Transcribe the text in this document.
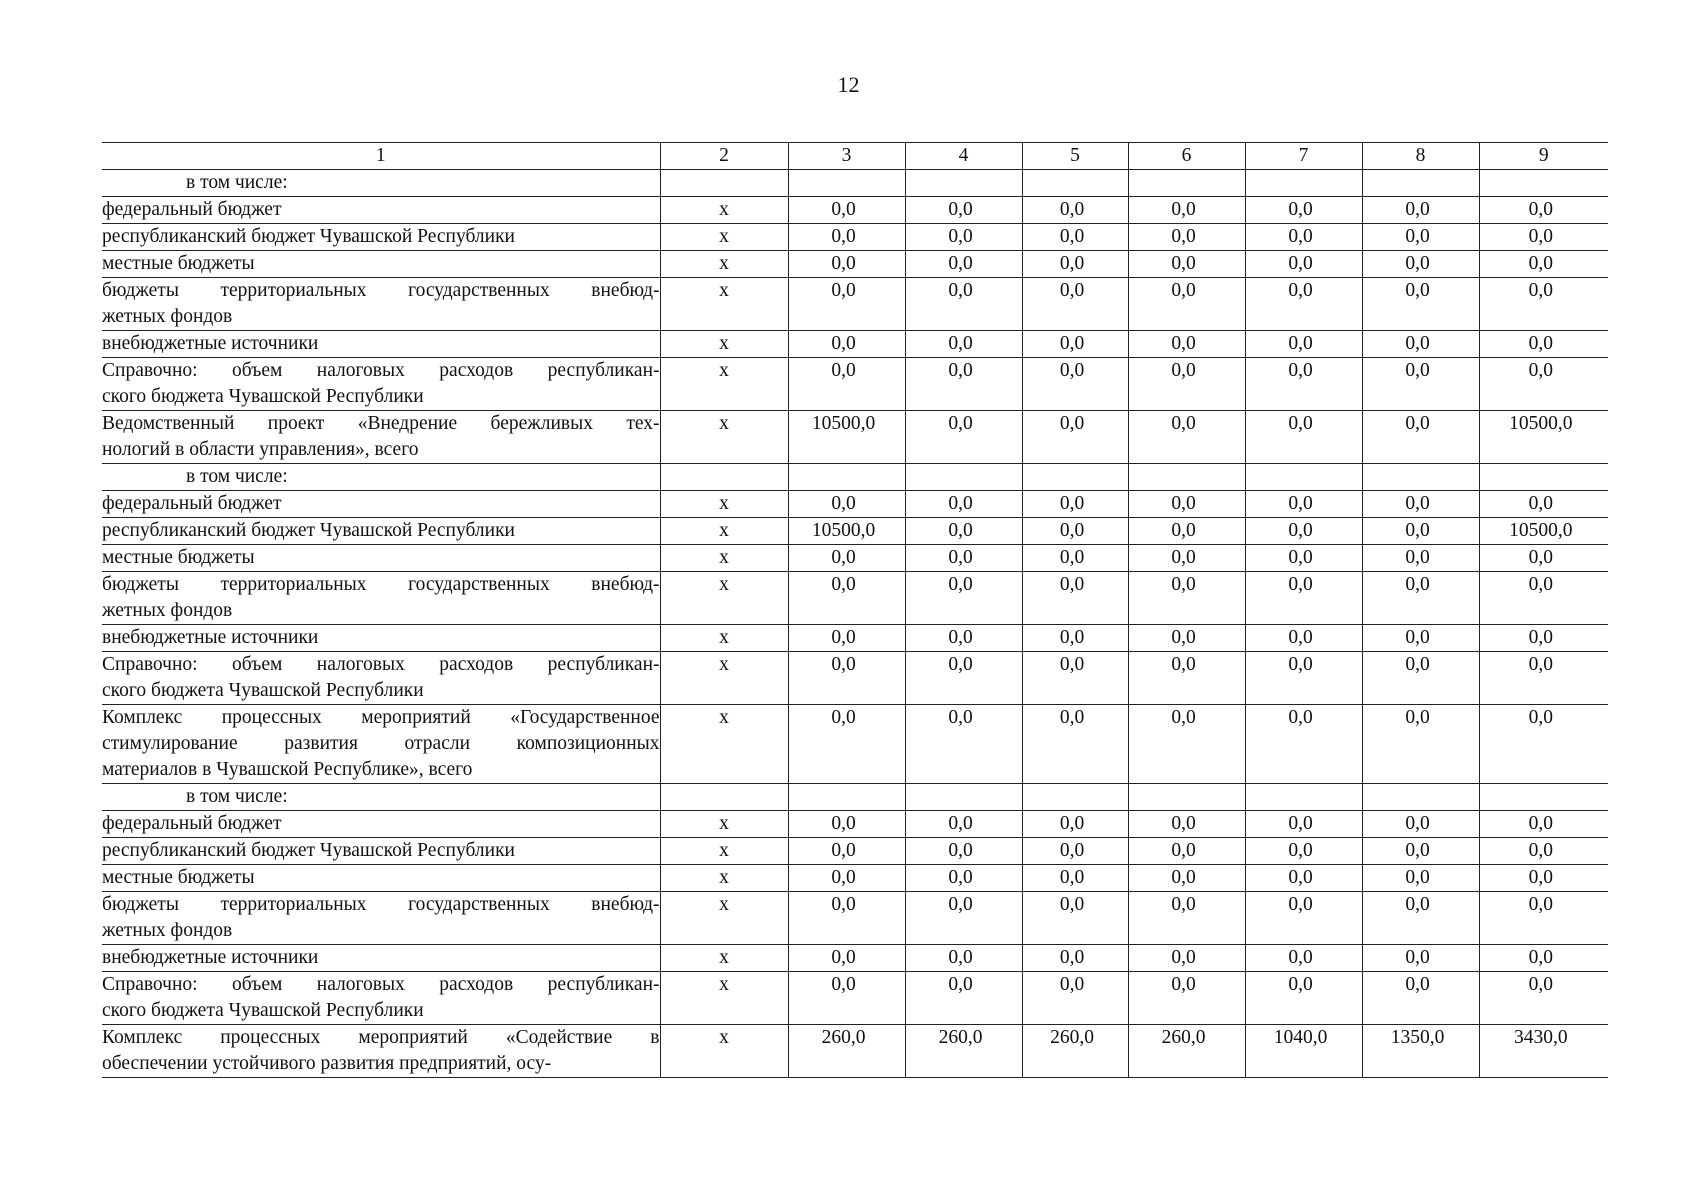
12
1	2	3	4	5	6	7	8	9

в том числе:								

федеральный бюджет	х	0,0	0,0	0,0	0,0	0,0	0,0	0,0

республиканский бюджет Чувашской Республики	х	0,0	0,0	0,0	0,0	0,0	0,0	0,0

местные бюджеты	х	0,0	0,0	0,0	0,0	0,0	0,0	0,0

бюджеты территориальных государственных внебюд-
жетных фондов	х	0,0	0,0	0,0	0,0	0,0	0,0	0,0

внебюджетные источники	х	0,0	0,0	0,0	0,0	0,0	0,0	0,0

Справочно: объем налоговых расходов республикан-
ского бюджета Чувашской Республики	х	0,0	0,0	0,0	0,0	0,0	0,0	0,0

Ведомственный проект «Внедрение бережливых тех-
нологий в области управления», всего	х	10500,0	0,0	0,0	0,0	0,0	0,0	10500,0

в том числе:								

федеральный бюджет	х	0,0	0,0	0,0	0,0	0,0	0,0	0,0

республиканский бюджет Чувашской Республики	х	10500,0	0,0	0,0	0,0	0,0	0,0	10500,0

местные бюджеты	х	0,0	0,0	0,0	0,0	0,0	0,0	0,0

бюджеты территориальных государственных внебюд-
жетных фондов	х	0,0	0,0	0,0	0,0	0,0	0,0	0,0

внебюджетные источники	х	0,0	0,0	0,0	0,0	0,0	0,0	0,0

Справочно: объем налоговых расходов республикан-
ского бюджета Чувашской Республики	х	0,0	0,0	0,0	0,0	0,0	0,0	0,0

Комплекс процессных мероприятий «Государственное
стимулирование развития отрасли композиционных
материалов в Чувашской Республике», всего	х	0,0	0,0	0,0	0,0	0,0	0,0	0,0

в том числе:								

федеральный бюджет	х	0,0	0,0	0,0	0,0	0,0	0,0	0,0

республиканский бюджет Чувашской Республики	х	0,0	0,0	0,0	0,0	0,0	0,0	0,0

местные бюджеты	х	0,0	0,0	0,0	0,0	0,0	0,0	0,0

бюджеты территориальных государственных внебюд-
жетных фондов	х	0,0	0,0	0,0	0,0	0,0	0,0	0,0

внебюджетные источники	х	0,0	0,0	0,0	0,0	0,0	0,0	0,0

Справочно: объем налоговых расходов республикан-
ского бюджета Чувашской Республики	х	0,0	0,0	0,0	0,0	0,0	0,0	0,0

Комплекс процессных мероприятий «Содействие в
обеспечении устойчивого развития предприятий, осу-	х	260,0	260,0	260,0	260,0	1040,0	1350,0	3430,0
